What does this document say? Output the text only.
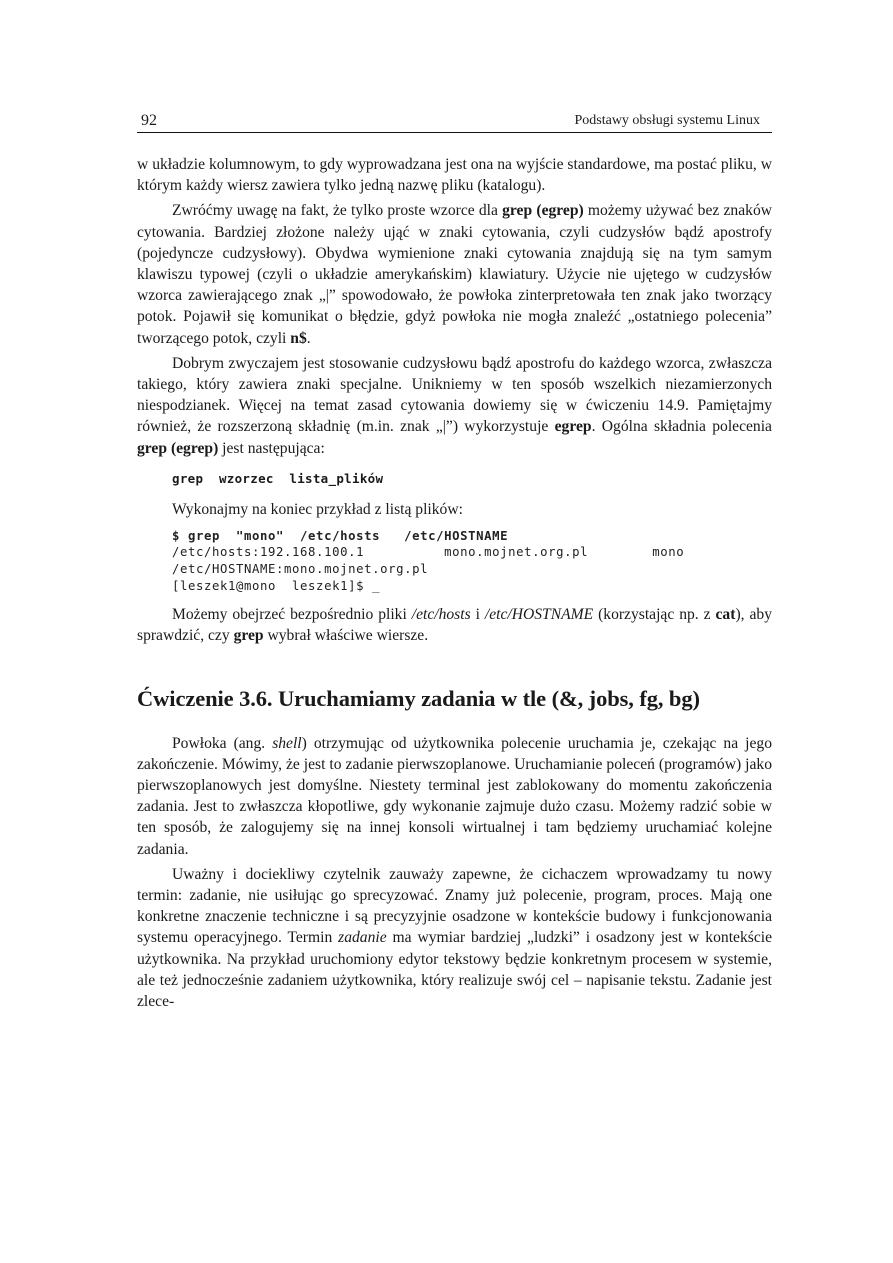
92	Podstawy obsługi systemu Linux

w układzie kolumnowym, to gdy wyprowadzana jest ona na wyjście standardowe, ma postać pliku, w którym każdy wiersz zawiera tylko jedną nazwę pliku (katalogu).

Zwróćmy uwagę na fakt, że tylko proste wzorce dla grep (egrep) możemy używać bez znaków cytowania. Bardziej złożone należy ująć w znaki cytowania, czyli cudzysłów bądź apostrofy (pojedyncze cudzysłowy). Obydwa wymienione znaki cytowania znajdują się na tym samym klawiszu typowej (czyli o układzie amerykańskim) klawiatury. Użycie nie ujętego w cudzysłów wzorca zawierającego znak „|” spowodowało, że powłoka zinterpretowała ten znak jako tworzący potok. Pojawił się komunikat o błędzie, gdyż powłoka nie mogła znaleźć „ostatniego polecenia” tworzącego potok, czyli n$.

Dobrym zwyczajem jest stosowanie cudzysłowu bądź apostrofu do każdego wzorca, zwłaszcza takiego, który zawiera znaki specjalne. Unikniemy w ten sposób wszelkich niezamierzonych niespodzianek. Więcej na temat zasad cytowania dowiemy się w ćwiczeniu 14.9. Pamiętajmy również, że rozszerzoną składnię (m.in. znak „|”) wykorzystuje egrep. Ogólna składnia polecenia grep (egrep) jest następująca:

grep  wzorzec  lista_plików
Wykonajmy na koniec przykład z listą plików:
$ grep  "mono"  /etc/hosts   /etc/HOSTNAME
/etc/hosts:192.168.100.1          mono.mojnet.org.pl        mono
/etc/HOSTNAME:mono.mojnet.org.pl
[leszek1@mono  leszek1]$ _

Możemy obejrzeć bezpośrednio pliki /etc/hosts i /etc/HOSTNAME (korzystając np. z cat), aby sprawdzić, czy grep wybrał właściwe wiersze.

Ćwiczenie 3.6. Uruchamiamy zadania w tle (&, jobs, fg, bg)

Powłoka (ang. shell) otrzymując od użytkownika polecenie uruchamia je, czekając na jego zakończenie. Mówimy, że jest to zadanie pierwszoplanowe. Uruchamianie poleceń (programów) jako pierwszoplanowych jest domyślne. Niestety terminal jest zablokowany do momentu zakończenia zadania. Jest to zwłaszcza kłopotliwe, gdy wykonanie zajmuje dużo czasu. Możemy radzić sobie w ten sposób, że zalogujemy się na innej konsoli wirtualnej i tam będziemy uruchamiać kolejne zadania.

Uważny i dociekliwy czytelnik zauważy zapewne, że cichaczem wprowadzamy tu nowy termin: zadanie, nie usiłując go sprecyzować. Znamy już polecenie, program, proces. Mają one konkretne znaczenie techniczne i są precyzyjnie osadzone w kontekście budowy i funkcjonowania systemu operacyjnego. Termin zadanie ma wymiar bardziej „ludzki” i osadzony jest w kontekście użytkownika. Na przykład uruchomiony edytor tekstowy będzie konkretnym procesem w systemie, ale też jednocześnie zadaniem użytkownika, który realizuje swój cel – napisanie tekstu. Zadanie jest zlece-
